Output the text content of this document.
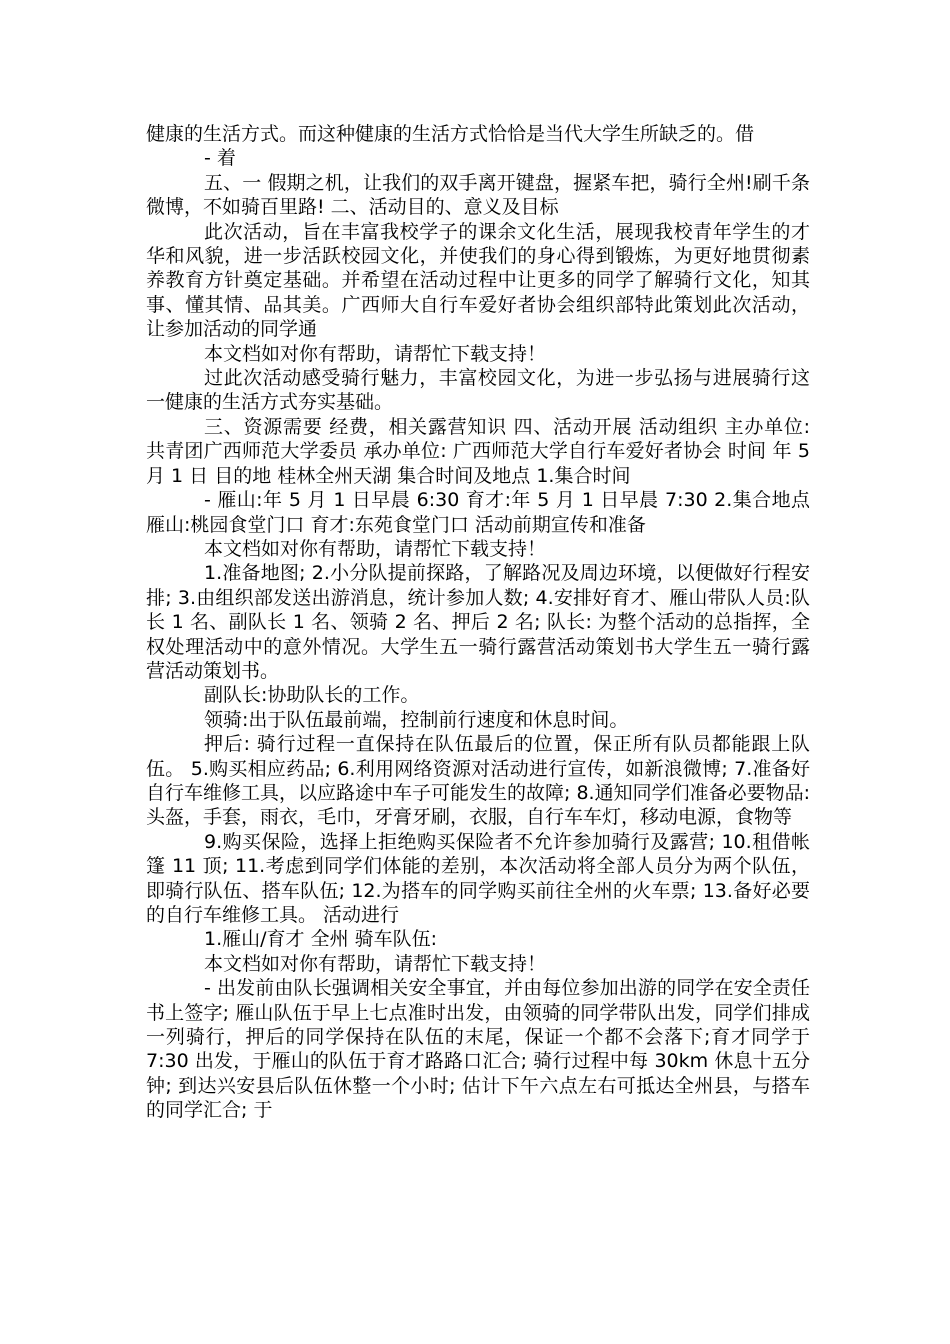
健康的生活方式。而这种健康的生活方式恰恰是当代大学生所缺乏的。借

- 着

五、一 假期之机，让我们的双手离开键盘，握紧车把，骑行全州!刷千条微博，不如骑百里路! 二、活动目的、意义及目标

此次活动，旨在丰富我校学子的课余文化生活，展现我校青年学生的才华和风貌，进一步活跃校园文化，并使我们的身心得到锻炼，为更好地贯彻素养教育方针奠定基础。并希望在活动过程中让更多的同学了解骑行文化，知其事、懂其情、品其美。广西师大自行车爱好者协会组织部特此策划此次活动，让参加活动的同学通

本文档如对你有帮助，请帮忙下载支持！

过此次活动感受骑行魅力，丰富校园文化，为进一步弘扬与进展骑行这一健康的生活方式夯实基础。

三、资源需要 经费，相关露营知识 四、活动开展 活动组织 主办单位: 共青团广西师范大学委员 承办单位: 广西师范大学自行车爱好者协会 时间 年 5 月 1 日 目的地 桂林全州天湖 集合时间及地点 1.集合时间

- 雁山:年 5 月 1 日早晨 6:30 育才:年 5 月 1 日早晨 7:30 2.集合地点 雁山:桃园食堂门口 育才:东苑食堂门口 活动前期宣传和准备

本文档如对你有帮助，请帮忙下载支持！

1.准备地图; 2.小分队提前探路，了解路况及周边环境，以便做好行程安排; 3.由组织部发送出游消息，统计参加人数; 4.安排好育才、雁山带队人员:队长 1 名、副队长 1 名、领骑 2 名、押后 2 名; 队长: 为整个活动的总指挥，全权处理活动中的意外情况。大学生五一骑行露营活动策划书大学生五一骑行露营活动策划书。

副队长:协助队长的工作。

领骑:出于队伍最前端，控制前行速度和休息时间。

押后: 骑行过程一直保持在队伍最后的位置，保正所有队员都能跟上队伍。 5.购买相应药品; 6.利用网络资源对活动进行宣传，如新浪微博; 7.准备好自行车维修工具，以应路途中车子可能发生的故障; 8.通知同学们准备必要物品:头盔，手套，雨衣，毛巾，牙膏牙刷，衣服，自行车车灯，移动电源，食物等

9.购买保险，选择上拒绝购买保险者不允许参加骑行及露营; 10.租借帐篷 11 顶; 11.考虑到同学们体能的差别，本次活动将全部人员分为两个队伍，即骑行队伍、搭车队伍; 12.为搭车的同学购买前往全州的火车票; 13.备好必要的自行车维修工具。 活动进行

1.雁山/育才 全州 骑车队伍:

本文档如对你有帮助，请帮忙下载支持！

- 出发前由队长强调相关安全事宜，并由每位参加出游的同学在安全责任书上签字; 雁山队伍于早上七点准时出发，由领骑的同学带队出发，同学们排成一列骑行，押后的同学保持在队伍的末尾，保证一个都不会落下;育才同学于 7:30 出发，于雁山的队伍于育才路路口汇合; 骑行过程中每 30km 休息十五分钟; 到达兴安县后队伍休整一个小时; 估计下午六点左右可抵达全州县，与搭车的同学汇合; 于
